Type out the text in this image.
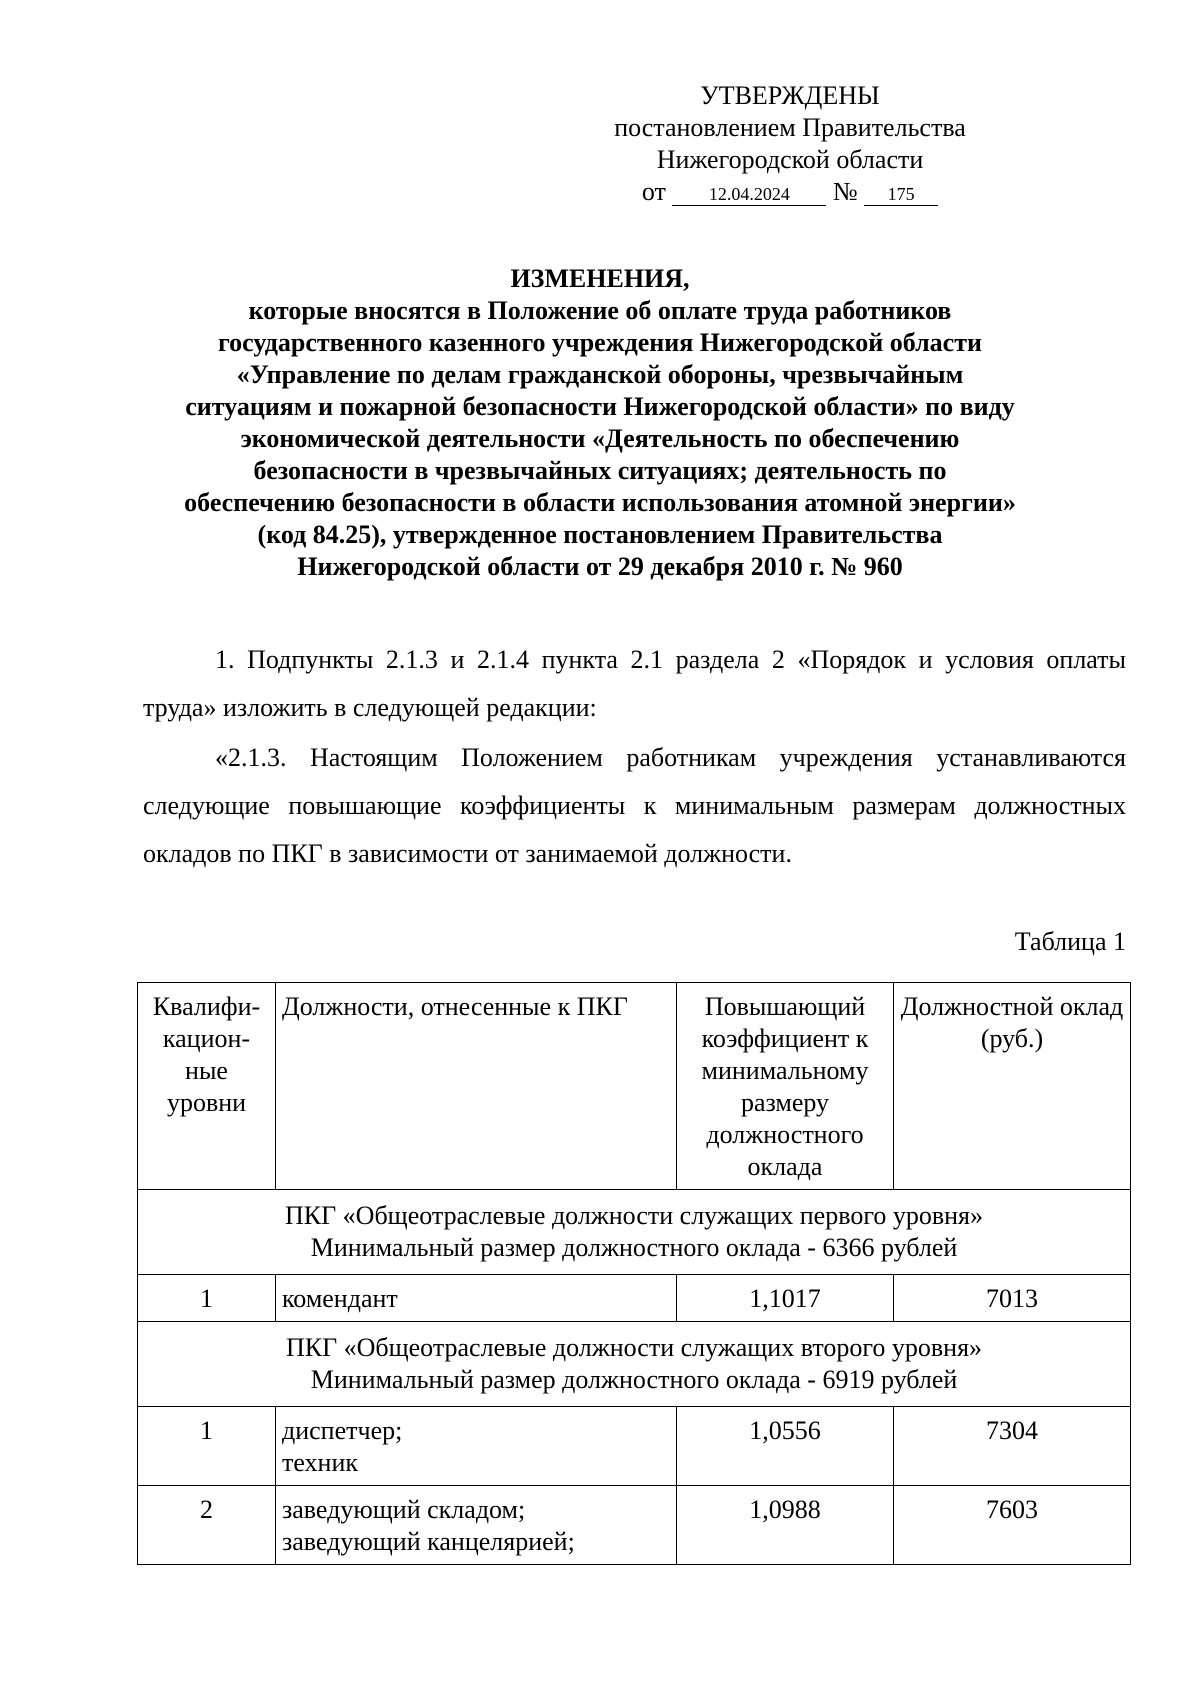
УТВЕРЖДЕНЫ
постановлением Правительства
Нижегородской области
от 12.04.2024 № 175
ИЗМЕНЕНИЯ,
которые вносятся в Положение об оплате труда работников
государственного казенного учреждения Нижегородской области
«Управление по делам гражданской обороны, чрезвычайным
ситуациям и пожарной безопасности Нижегородской области» по виду
экономической деятельности «Деятельность по обеспечению
безопасности в чрезвычайных ситуациях; деятельность по
обеспечению безопасности в области использования атомной энергии»
(код 84.25), утвержденное постановлением Правительства
Нижегородской области от 29 декабря 2010 г. № 960
1. Подпункты 2.1.3 и 2.1.4 пункта 2.1 раздела 2 «Порядок и условия оплаты труда» изложить в следующей редакции:
«2.1.3. Настоящим Положением работникам учреждения устанавливаются следующие повышающие коэффициенты к минимальным размерам должностных окладов по ПКГ в зависимости от занимаемой должности.
Таблица 1
Квалифи-кацион-ные уровни	Должности, отнесенные к ПКГ	Повышающий коэффициент к минимальному размеру должностного оклада	Должностной оклад (руб.)

ПКГ «Общеотраслевые должности служащих первого уровня»
Минимальный размер должностного оклада - 6366 рублей			

1	комендант	1,1017	7013

ПКГ «Общеотраслевые должности служащих второго уровня»
Минимальный размер должностного оклада - 6919 рублей			

1	диспетчер;
техник	1,0556	7304
2	заведующий складом;
заведующий канцелярией;	1,0988	7603
